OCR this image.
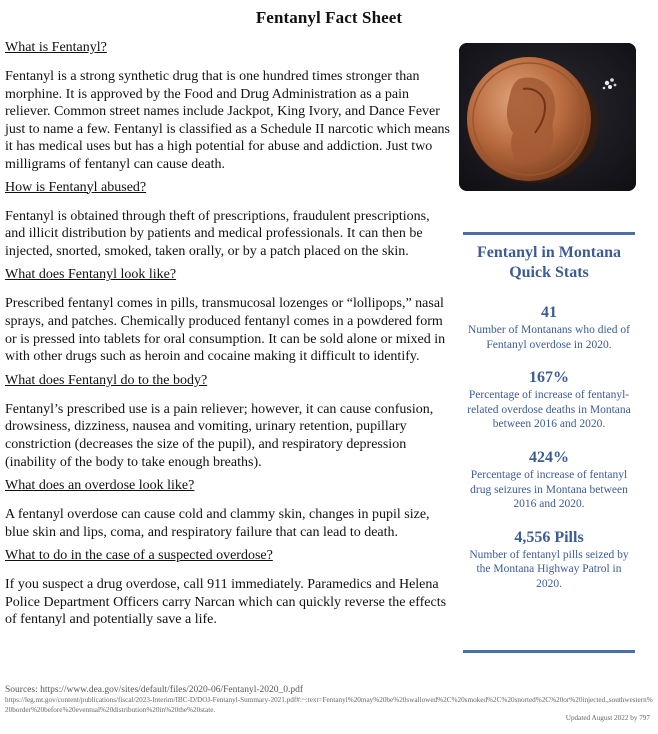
Fentanyl Fact Sheet
What is Fentanyl?
Fentanyl is a strong synthetic drug that is one hundred times stronger than morphine. It is approved by the Food and Drug Administration as a pain reliever. Common street names include Jackpot, King Ivory, and Dance Fever just to name a few. Fentanyl is classified as a Schedule II narcotic which means it has medical uses but has a high potential for abuse and addiction. Just two milligrams of fentanyl can cause death.
How is Fentanyl abused?
Fentanyl is obtained through theft of prescriptions, fraudulent prescriptions, and illicit distribution by patients and medical professionals. It can then be injected, snorted, smoked, taken orally, or by a patch placed on the skin.
What does Fentanyl look like?
Prescribed fentanyl comes in pills, transmucosal lozenges or “lollipops,” nasal sprays, and patches. Chemically produced fentanyl comes in a powdered form or is pressed into tablets for oral consumption. It can be sold alone or mixed in with other drugs such as heroin and cocaine making it difficult to identify.
What does Fentanyl do to the body?
Fentanyl’s prescribed use is a pain reliever; however, it can cause confusion, drowsiness, dizziness, nausea and vomiting, urinary retention, pupillary constriction (decreases the size of the pupil), and respiratory depression (inability of the body to take enough breaths).
What does an overdose look like?
A fentanyl overdose can cause cold and clammy skin, changes in pupil size, blue skin and lips, coma, and respiratory failure that can lead to death.
What to do in the case of a suspected overdose?
If you suspect a drug overdose, call 911 immediately. Paramedics and Helena Police Department Officers carry Narcan which can quickly reverse the effects of fentanyl and potentially save a life.
Fentanyl in Montana Quick Stats
41
Number of Montanans who died of Fentanyl overdose in 2020.
167%
Percentage of increase of fentanyl-related overdose deaths in Montana between 2016 and 2020.
424%
Percentage of increase of fentanyl drug seizures in Montana between 2016 and 2020.
4,556 Pills
Number of fentanyl pills seized by the Montana Highway Patrol in 2020.
Sources: https://www.dea.gov/sites/default/files/2020-06/Fentanyl-2020_0.pdf
https://leg.mt.gov/content/publications/fiscal/2023-Interim/IBC-D/DOJ-Fentanyl-Summary-2021.pdf#:~:text=Fentanyl%20may%20be%20swallowed%2C%20smoked%2C%20snorted%2C%20or%20injected.,southwestern%20border%20before%20eventual%20distribution%20in%20the%20state.
Updated August 2022 by 797
